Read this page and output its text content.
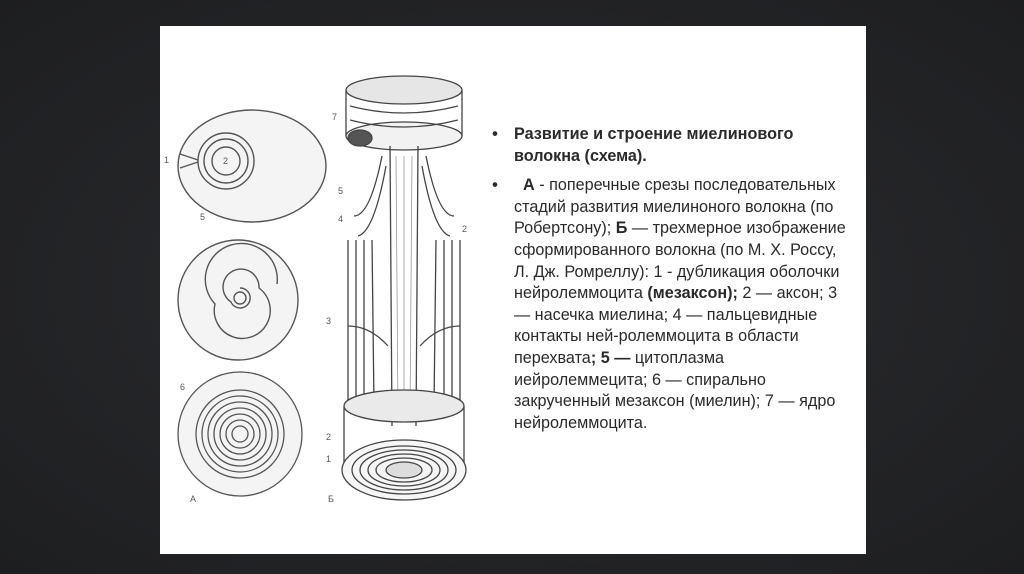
1	2
5
6
А
7
5
4
2
3
2
1
Б
• Развитие и строение миелинового волокна (схема).
• А - поперечные срезы последовательных стадий развития миелиноного волокна (по Робертсону); Б — трехмерное изображение сформированного волокна (по М. Х. Россу, Л. Дж. Ромреллу): 1 - дубликация оболочки нейролеммоцита (мезаксон); 2 — аксон; 3 — насечка миелина; 4 — пальцевидные контакты ней-ролеммоцита в области перехвата; 5 — цитоплазма иейролеммецита; 6 — спирально закрученный мезаксон (миелин); 7 — ядро нейролеммоцита.
